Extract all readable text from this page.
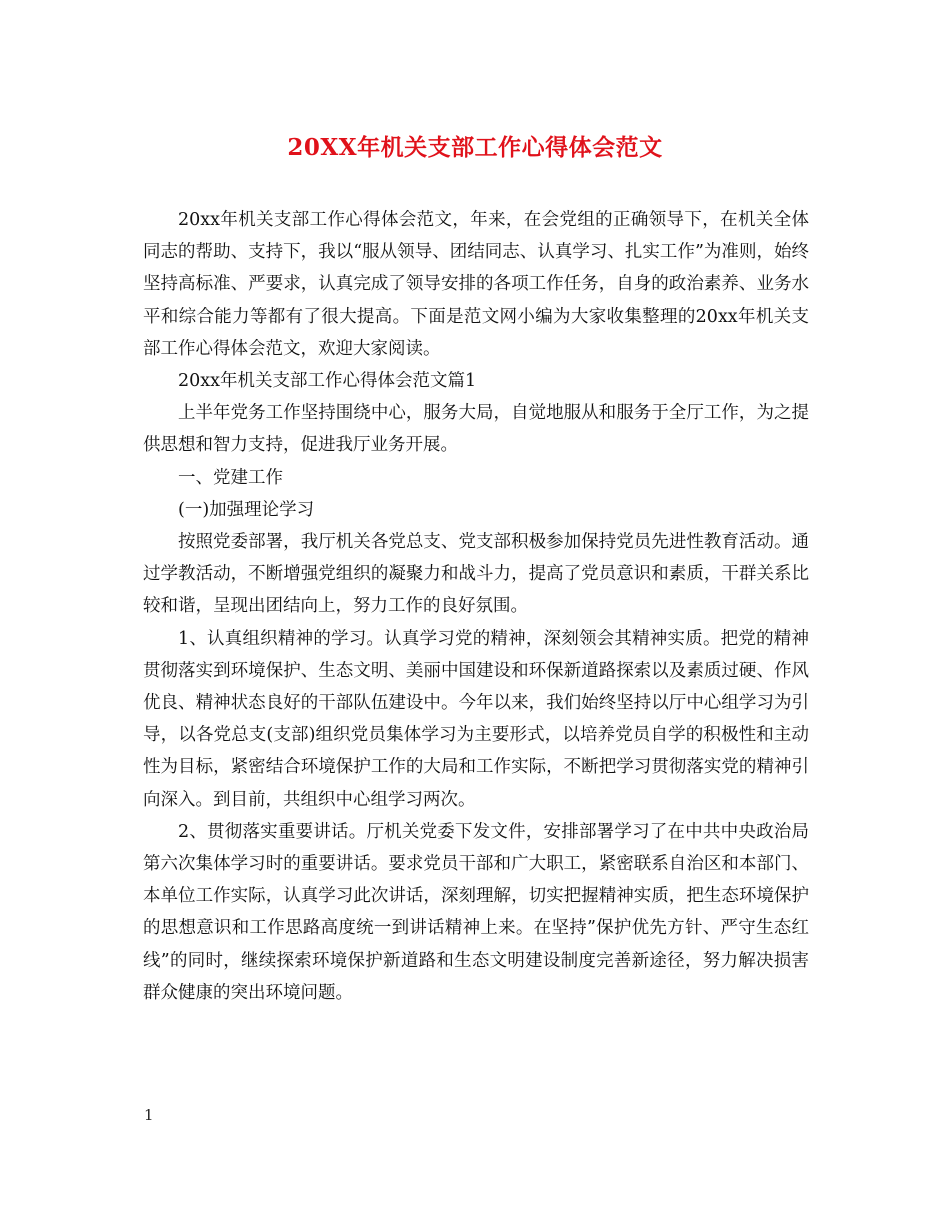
20XX年机关支部工作心得体会范文

20xx年机关支部工作心得体会范文，年来，在会党组的正确领导下，在机关全体同志的帮助、支持下，我以“服从领导、团结同志、认真学习、扎实工作”为准则，始终坚持高标准、严要求，认真完成了领导安排的各项工作任务，自身的政治素养、业务水平和综合能力等都有了很大提高。下面是范文网小编为大家收集整理的20xx年机关支部工作心得体会范文，欢迎大家阅读。

20xx年机关支部工作心得体会范文篇1

上半年党务工作坚持围绕中心，服务大局，自觉地服从和服务于全厅工作，为之提供思想和智力支持，促进我厅业务开展。

一、党建工作

(一)加强理论学习

按照党委部署，我厅机关各党总支、党支部积极参加保持党员先进性教育活动。通过学教活动，不断增强党组织的凝聚力和战斗力，提高了党员意识和素质，干群关系比较和谐，呈现出团结向上，努力工作的良好氛围。

1、认真组织精神的学习。认真学习党的精神，深刻领会其精神实质。把党的精神贯彻落实到环境保护、生态文明、美丽中国建设和环保新道路探索以及素质过硬、作风优良、精神状态良好的干部队伍建设中。今年以来，我们始终坚持以厅中心组学习为引导，以各党总支(支部)组织党员集体学习为主要形式，以培养党员自学的积极性和主动性为目标，紧密结合环境保护工作的大局和工作实际，不断把学习贯彻落实党的精神引向深入。到目前，共组织中心组学习两次。

2、贯彻落实重要讲话。厅机关党委下发文件，安排部署学习了在中共中央政治局第六次集体学习时的重要讲话。要求党员干部和广大职工，紧密联系自治区和本部门、本单位工作实际，认真学习此次讲话，深刻理解，切实把握精神实质，把生态环境保护的思想意识和工作思路高度统一到讲话精神上来。在坚持”保护优先方针、严守生态红线”的同时，继续探索环境保护新道路和生态文明建设制度完善新途径，努力解决损害群众健康的突出环境问题。

1
